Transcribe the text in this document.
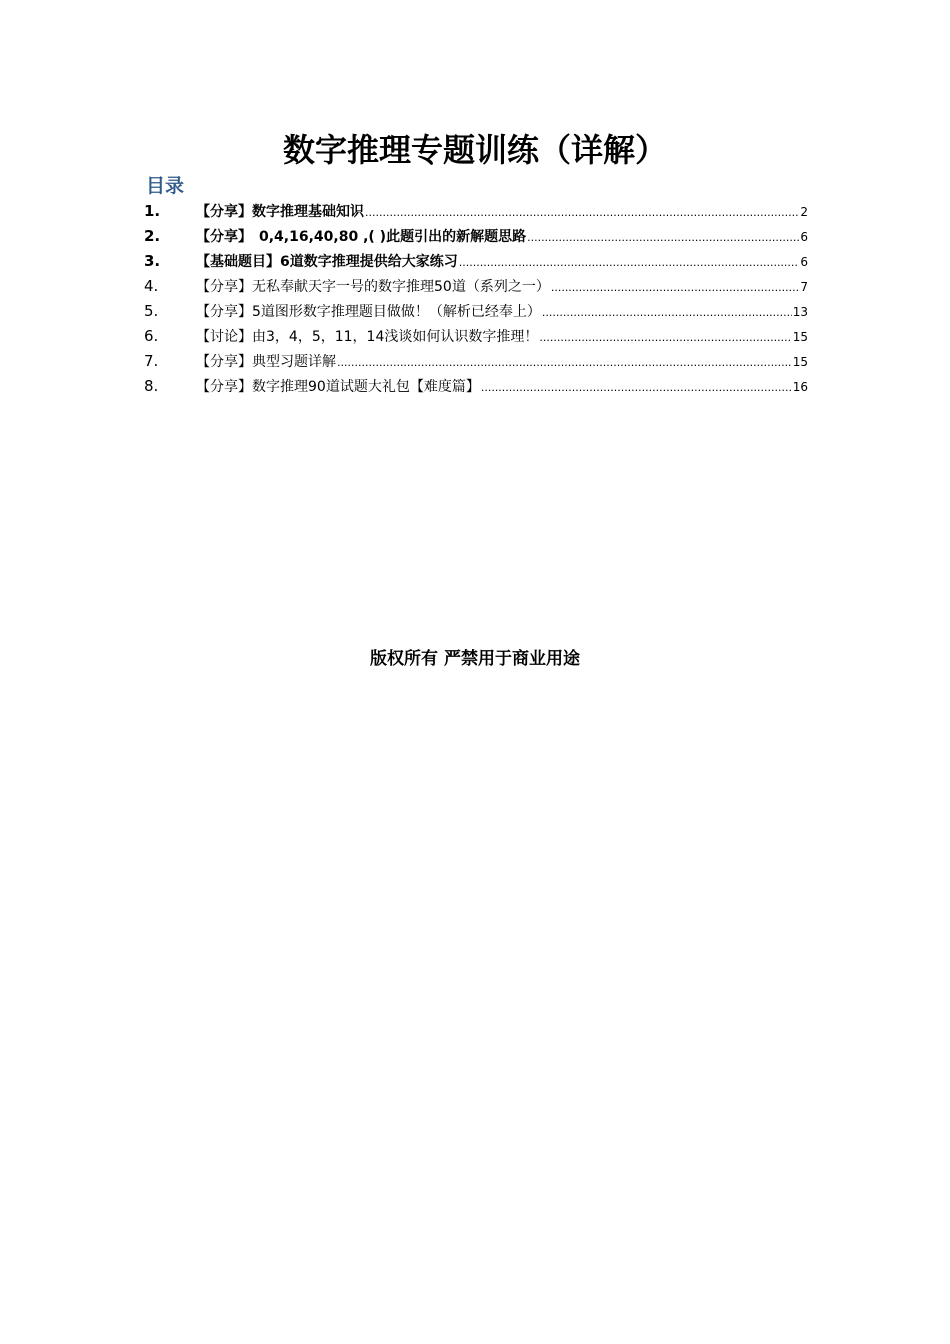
数字推理专题训练（详解）
目录
1.	【分享】数字推理基础知识 .....	2
2.	【分享】　0,4,16,40,80 ,( )此题引出的新解题思路 .....	6
3.	【基础题目】6道数字推理提供给大家练习 .....	6
4.	【分享】无私奉献天字一号的数字推理50道（系列之一） .....	7
5.	【分享】5道图形数字推理题目做做！（解析已经奉上） .....	13
6.	【讨论】由3，4，5，11，14浅谈如何认识数字推理！ .....	15
7.	【分享】典型习题详解 .....	15
8.	【分享】数字推理90道试题大礼包【难度篇】 .....	16
版权所有 严禁用于商业用途
